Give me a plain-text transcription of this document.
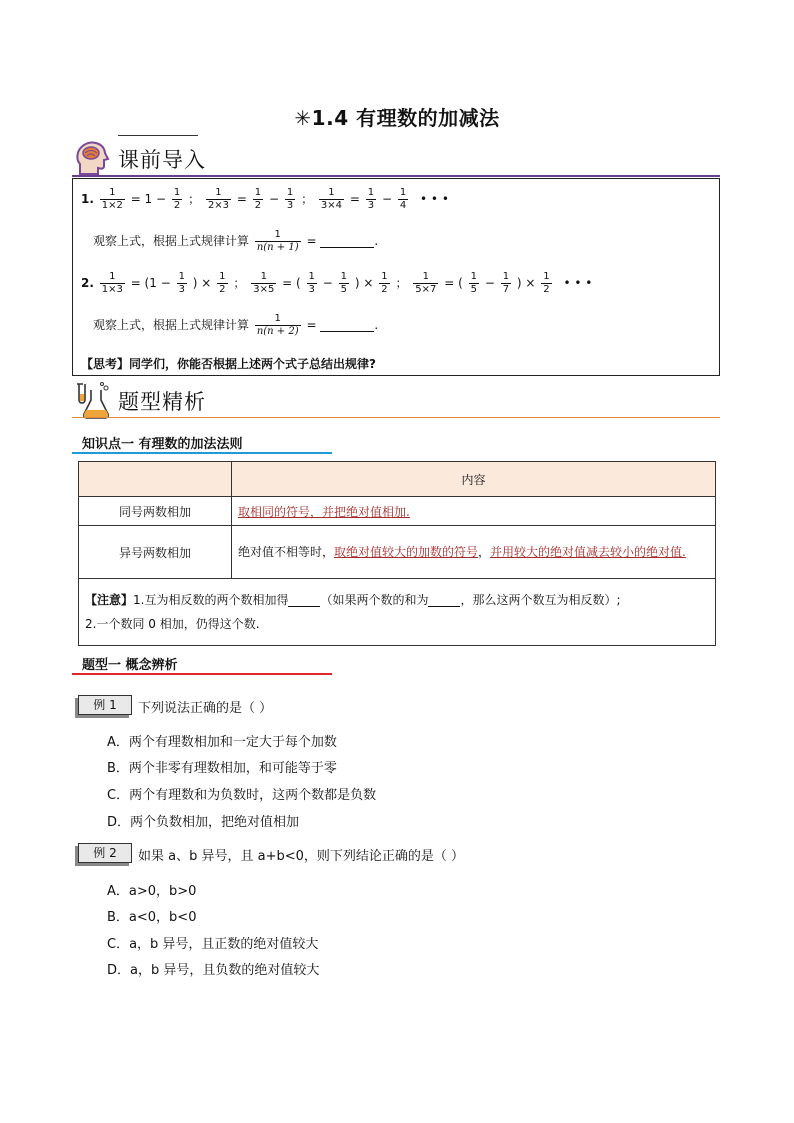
✳1.4 有理数的加减法
课前导入
1. $\frac{1}{1\times 2} = 1 - \frac{1}{2}$ ； $\frac{1}{2\times 3} = \frac{1}{2} - \frac{1}{3}$ ； $\frac{1}{3\times 4} = \frac{1}{3} - \frac{1}{4}$ • • •
观察上式，根据上式规律计算 $\frac{1}{n(n + 1)}$ =	.
2. $\frac{1}{1\times 3} = (1 - \frac{1}{3}$ ) × $\frac{1}{2}$ ； $\frac{1}{3\times 5}$ = ( $\frac{1}{3} - \frac{1}{5}$ ) × $\frac{1}{2}$ ； $\frac{1}{5\times 7}$ = ( $\frac{1}{5} - \frac{1}{7}$ ) × $\frac{1}{2}$ • • •
观察上式，根据上式规律计算 $\frac{1}{n(n + 2)}$ =	.
【思考】同学们，你能否根据上述两个式子总结出规律?
题型精析
知识点一 有理数的加法法则
	内容
同号两数相加	取相同的符号，并把绝对值相加.
异号两数相加	绝对值不相等时，取绝对值较大的加数的符号，并用较大的绝对值减去较小的绝对值.

【注意】1.互为相反数的两个数相加得 （如果两个数的和为 ，那么这两个数互为相反数）;
2.一个数同 0 相加，仍得这个数.	
题型一 概念辨析
例 1	下列说法正确的是（ ）
A．两个有理数相加和一定大于每个加数
B．两个非零有理数相加，和可能等于零
C．两个有理数和为负数时，这两个数都是负数
D．两个负数相加，把绝对值相加
例 2	如果 a、b 异号，且 a+b<0，则下列结论正确的是（ ）
A．a>0，b>0
B．a<0，b<0
C．a，b 异号，且正数的绝对值较大
D．a，b 异号，且负数的绝对值较大
